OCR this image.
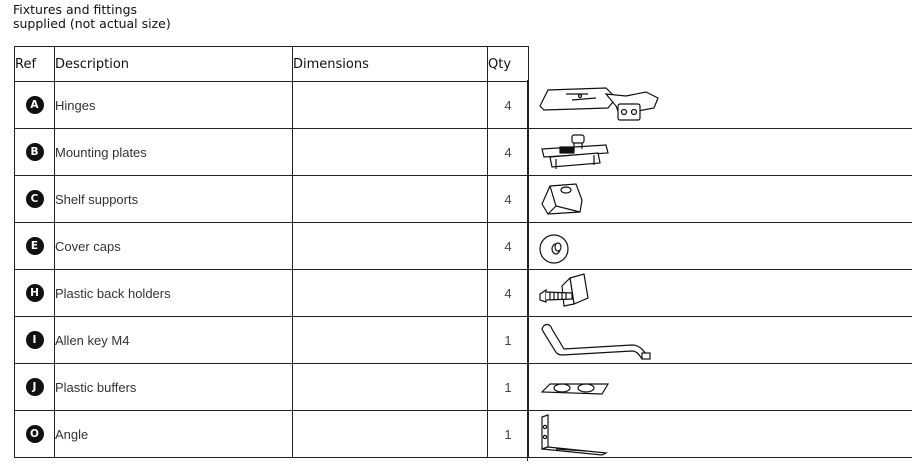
Fixtures and fittings
supplied (not actual size)
Ref	Description	Dimensions	Qty
A	Hinges		4
B	Mounting plates		4
C	Shelf supports		4
E	Cover caps		4
H	Plastic back holders		4
I	Allen key M4		1
J	Plastic buffers		1
O	Angle		1
